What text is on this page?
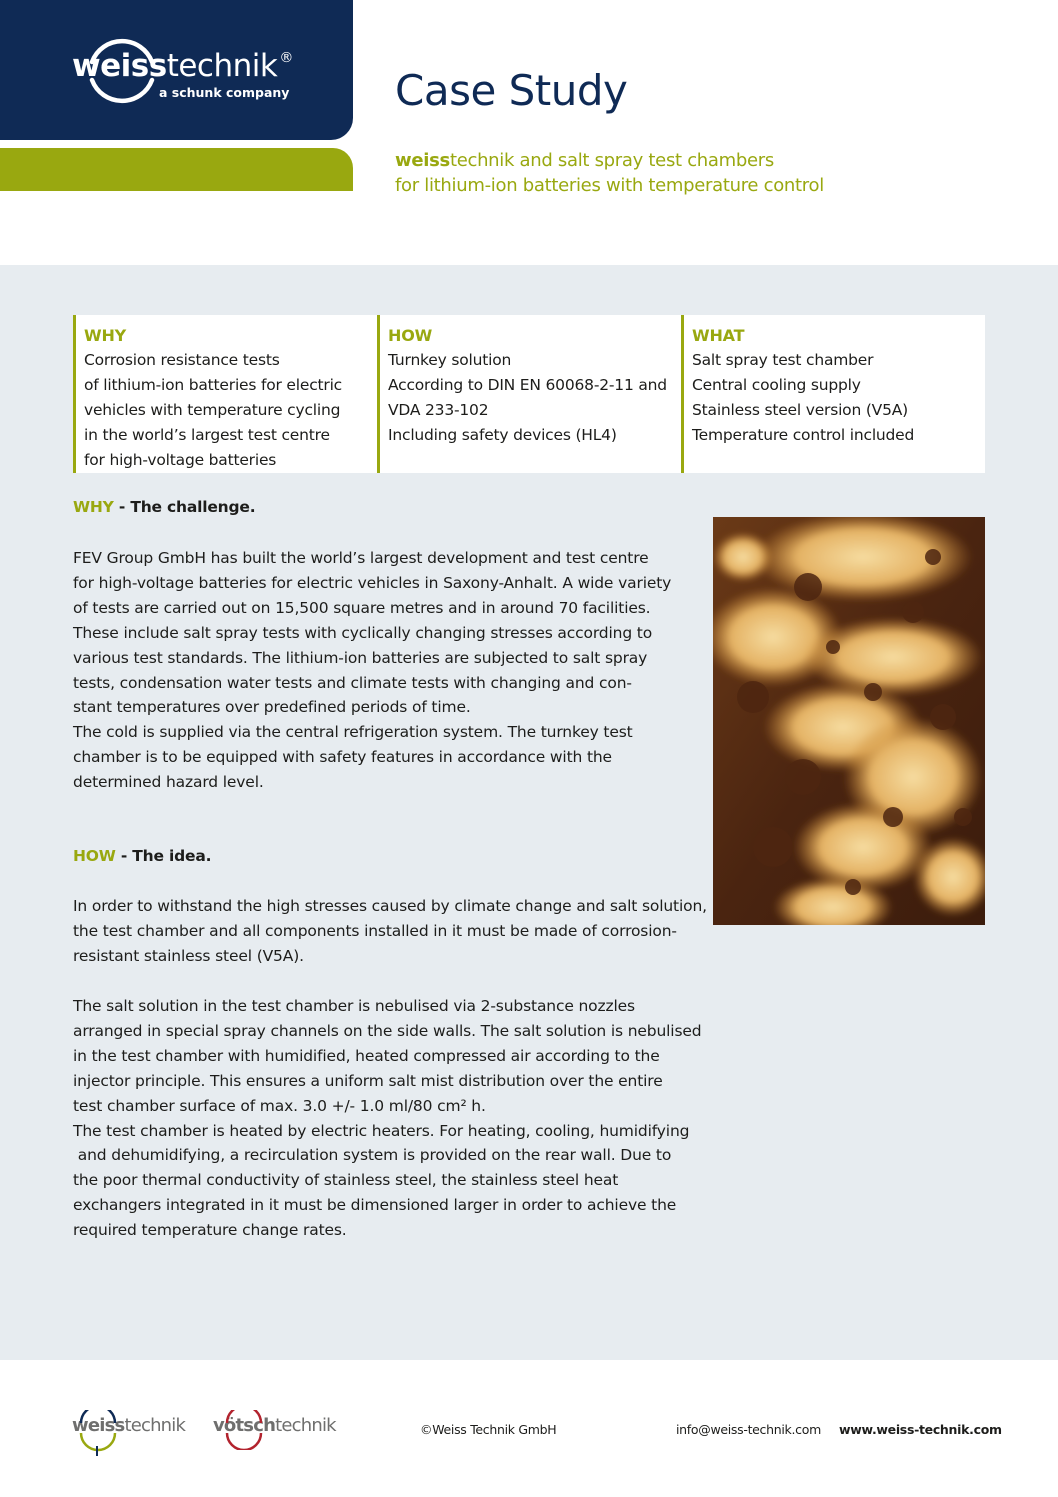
weisstechnik ®
a schunk company	Case Study
weisstechnik and salt spray test chambers
for lithium-ion batteries with temperature control
WHY
Corrosion resistance tests
of lithium-ion batteries for electric
vehicles with temperature cycling
in the world’s largest test centre
for high-voltage batteries
HOW
Turnkey solution
According to DIN EN 60068-2-11 and
VDA 233-102
Including safety devices (HL4)
WHAT
Salt spray test chamber
Central cooling supply
Stainless steel version (V5A)
Temperature control included
WHY - The challenge.
FEV Group GmbH has built the world’s largest development and test centre
for high-voltage batteries for electric vehicles in Saxony-Anhalt. A wide variety
of tests are carried out on 15,500 square metres and in around 70 facilities.
These include salt spray tests with cyclically changing stresses according to
various test standards. The lithium-ion batteries are subjected to salt spray
tests, condensation water tests and climate tests with changing and con-
stant temperatures over predefined periods of time.
The cold is supplied via the central refrigeration system. The turnkey test
chamber is to be equipped with safety features in accordance with the
determined hazard level.
HOW - The idea.
In order to withstand the high stresses caused by climate change and salt solution,
the test chamber and all components installed in it must be made of corrosion-
resistant stainless steel (V5A).
The salt solution in the test chamber is nebulised via 2-substance nozzles
arranged in special spray channels on the side walls. The salt solution is nebulised
in the test chamber with humidified, heated compressed air according to the
injector principle. This ensures a uniform salt mist distribution over the entire
test chamber surface of max. 3.0 +/- 1.0 ml/80 cm² h.
The test chamber is heated by electric heaters. For heating, cooling, humidifying
and dehumidifying, a recirculation system is provided on the rear wall. Due to
the poor thermal conductivity of stainless steel, the stainless steel heat
exchangers integrated in it must be dimensioned larger in order to achieve the
required temperature change rates.
weisstechnik vötschtechnik	©Weiss Technik GmbH	info@weiss-technik.com www.weiss-technik.com
